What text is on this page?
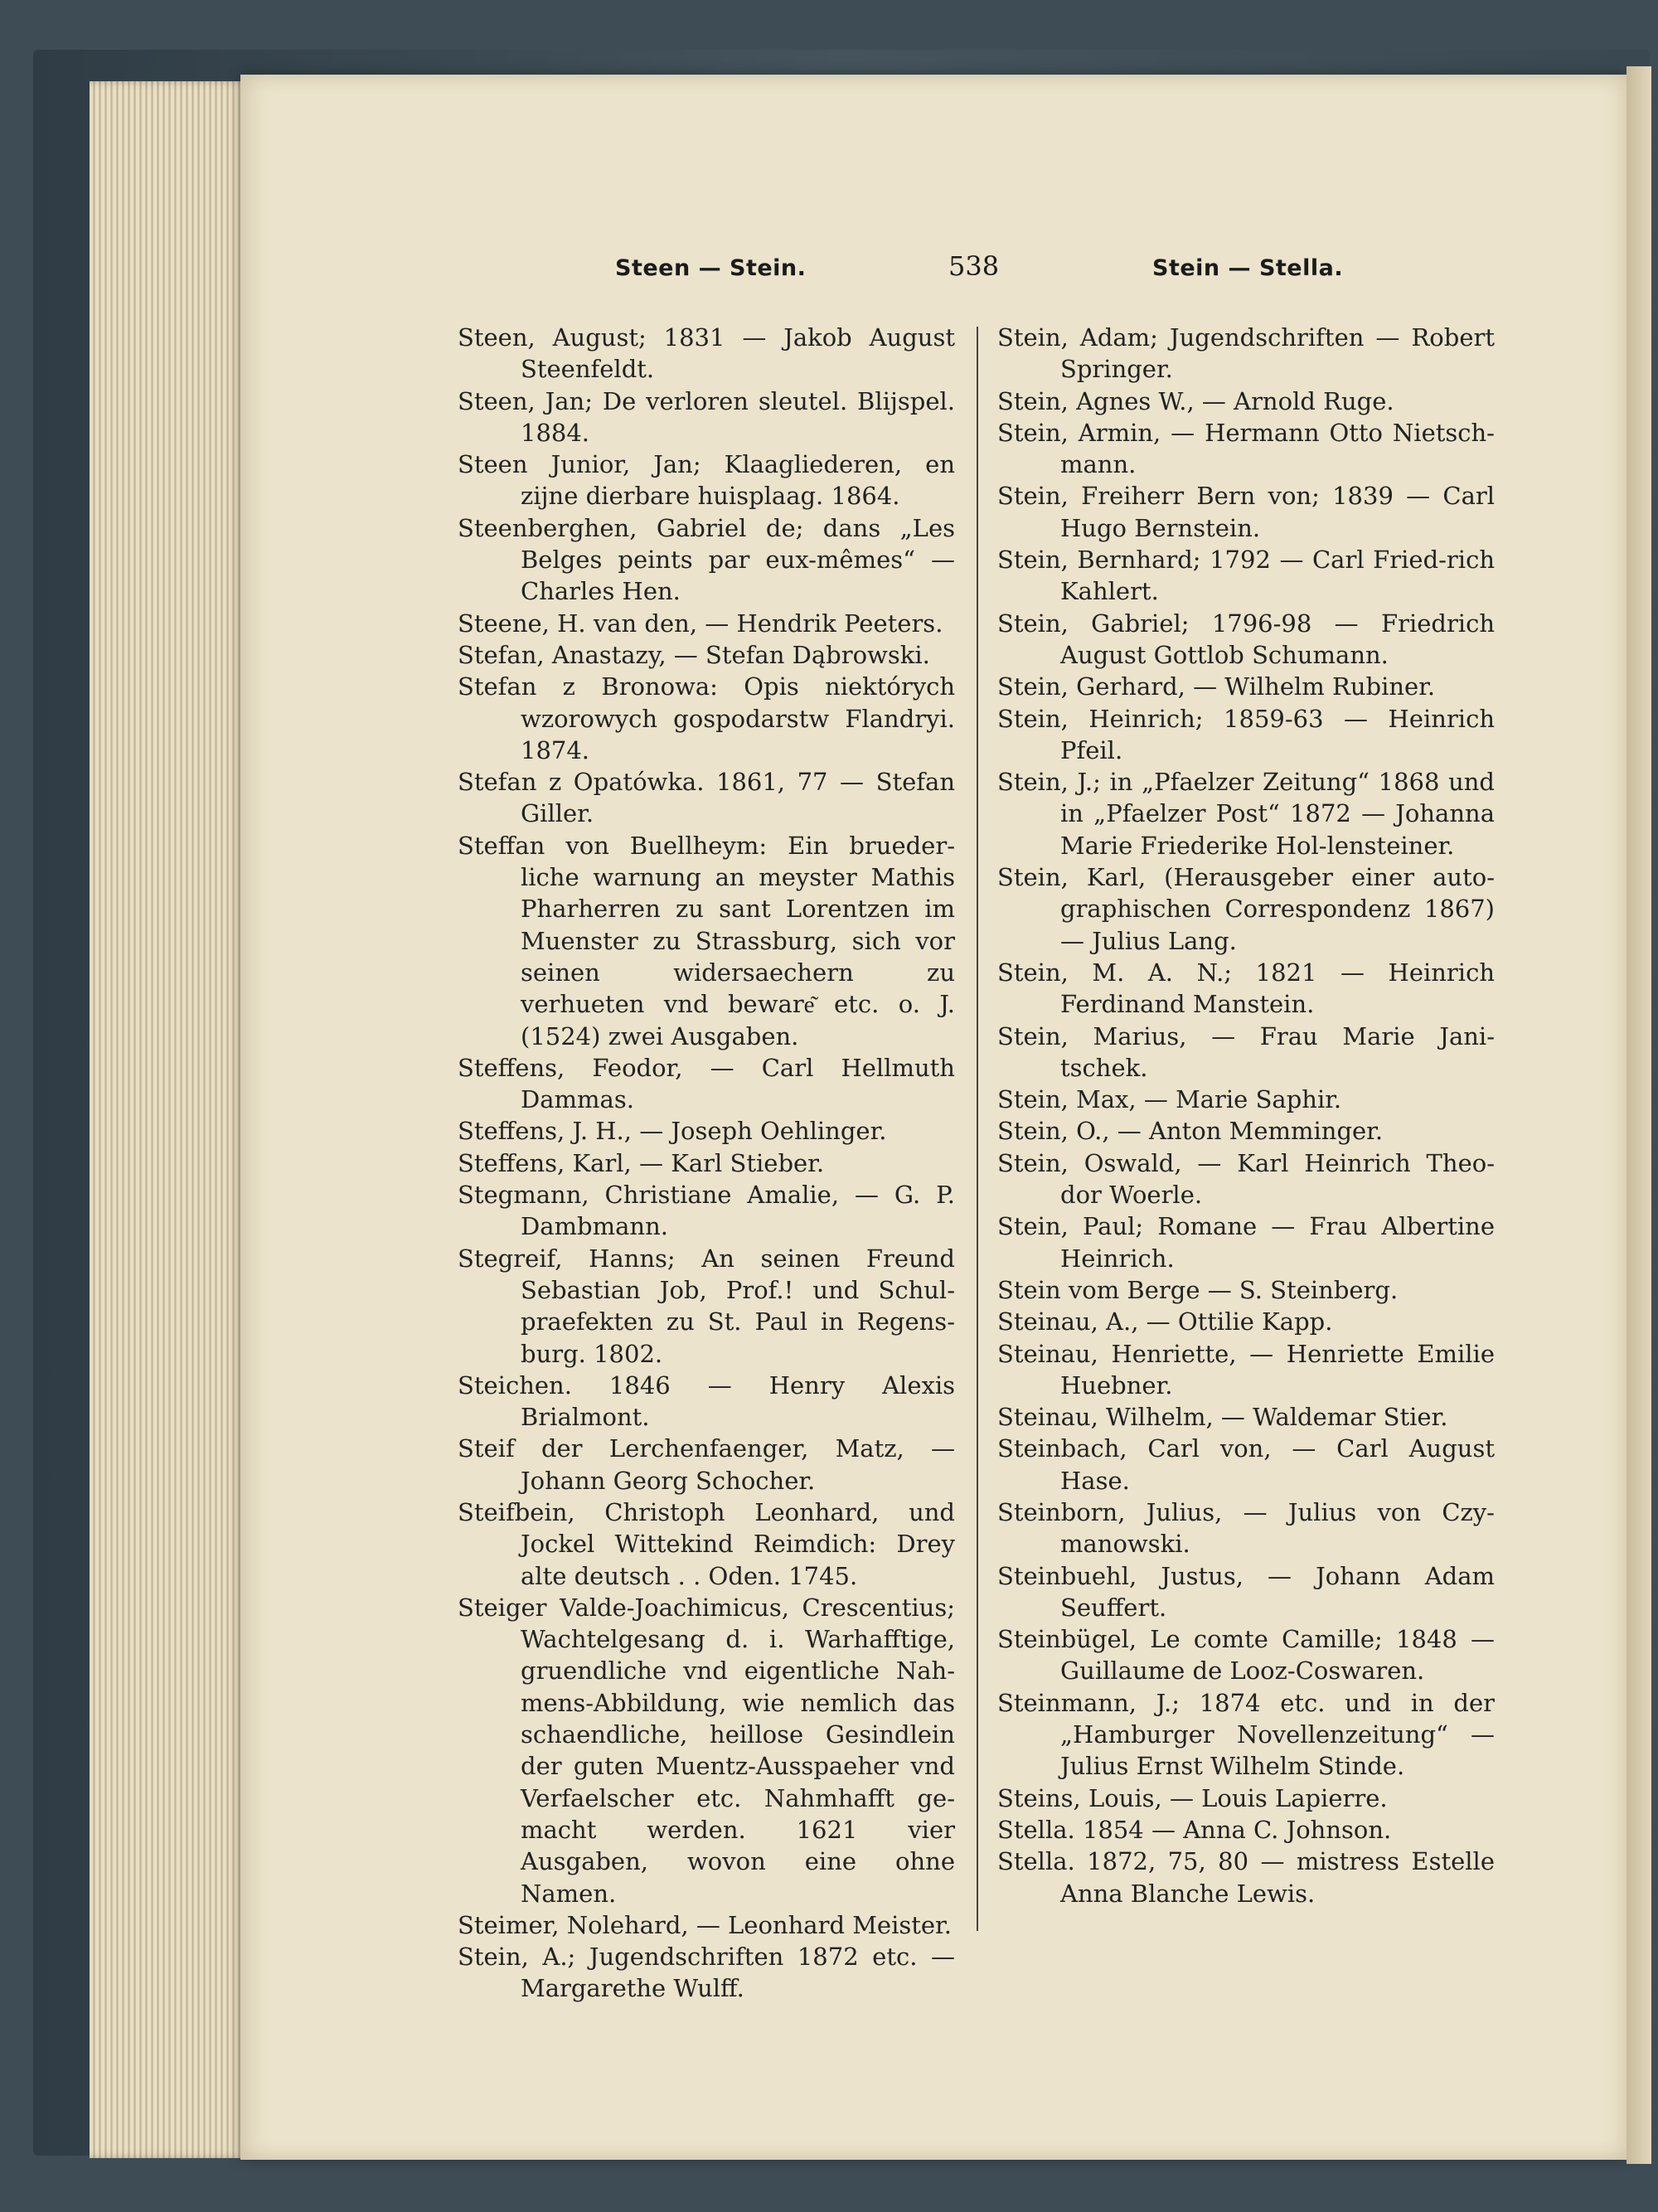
Steen — Stein.	538	Stein — Stella.

Steen, August; 1831 — Jakob August Steenfeldt.

Steen, Jan; De verloren sleutel. Blijspel. 1884.

Steen Junior, Jan; Klaagliederen, en zijne dierbare huisplaag. 1864.

Steenberghen, Gabriel de; dans „Les Belges peints par eux-mêmes“ — Charles Hen.

Steene, H. van den, — Hendrik Peeters.

Stefan, Anastazy, — Stefan Dąbrowski.

Stefan z Bronowa: Opis niektórych wzorowych gospodarstw Flandryi. 1874.

Stefan z Opatówka. 1861, 77 — Stefan Giller.

Steffan von Buellheym: Ein brueder-liche warnung an meyster Mathis Pharherren zu sant Lorentzen im Muenster zu Strassburg, sich vor seinen widersaechern zu verhueten vnd beware͂ etc. o. J. (1524) zwei Ausgaben.

Steffens, Feodor, — Carl Hellmuth Dammas.

Steffens, J. H., — Joseph Oehlinger.

Steffens, Karl, — Karl Stieber.

Stegmann, Christiane Amalie, — G. P. Dambmann.

Stegreif, Hanns; An seinen Freund Sebastian Job, Prof.! und Schul-praefekten zu St. Paul in Regens-burg. 1802.

Steichen. 1846 — Henry Alexis Brialmont.

Steif der Lerchenfaenger, Matz, — Johann Georg Schocher.

Steifbein, Christoph Leonhard, und Jockel Wittekind Reimdich: Drey alte deutsch . . Oden. 1745.

Steiger Valde-Joachimicus, Crescentius; Wachtelgesang d. i. Warhafftige, gruendliche vnd eigentliche Nah-mens-Abbildung, wie nemlich das schaendliche, heillose Gesindlein der guten Muentz-Ausspaeher vnd Verfaelscher etc. Nahmhafft ge-macht werden. 1621 vier Ausgaben, wovon eine ohne Namen.

Steimer, Nolehard, — Leonhard Meister.

Stein, A.; Jugendschriften 1872 etc. — Margarethe Wulff.

Stein, Adam; Jugendschriften — Robert Springer.

Stein, Agnes W., — Arnold Ruge.

Stein, Armin, — Hermann Otto Nietsch-mann.

Stein, Freiherr Bern von; 1839 — Carl Hugo Bernstein.

Stein, Bernhard; 1792 — Carl Fried-rich Kahlert.

Stein, Gabriel; 1796-98 — Friedrich August Gottlob Schumann.

Stein, Gerhard, — Wilhelm Rubiner.

Stein, Heinrich; 1859-63 — Heinrich Pfeil.

Stein, J.; in „Pfaelzer Zeitung“ 1868 und in „Pfaelzer Post“ 1872 — Johanna Marie Friederike Hol-lensteiner.

Stein, Karl, (Herausgeber einer auto-graphischen Correspondenz 1867) — Julius Lang.

Stein, M. A. N.; 1821 — Heinrich Ferdinand Manstein.

Stein, Marius, — Frau Marie Jani-tschek.

Stein, Max, — Marie Saphir.

Stein, O., — Anton Memminger.

Stein, Oswald, — Karl Heinrich Theo-dor Woerle.

Stein, Paul; Romane — Frau Albertine Heinrich.

Stein vom Berge — S. Steinberg.

Steinau, A., — Ottilie Kapp.

Steinau, Henriette, — Henriette Emilie Huebner.

Steinau, Wilhelm, — Waldemar Stier.

Steinbach, Carl von, — Carl August Hase.

Steinborn, Julius, — Julius von Czy-manowski.

Steinbuehl, Justus, — Johann Adam Seuffert.

Steinbügel, Le comte Camille; 1848 — Guillaume de Looz-Coswaren.

Steinmann, J.; 1874 etc. und in der „Hamburger Novellenzeitung“ — Julius Ernst Wilhelm Stinde.

Steins, Louis, — Louis Lapierre.

Stella. 1854 — Anna C. Johnson.

Stella. 1872, 75, 80 — mistress Estelle Anna Blanche Lewis.
